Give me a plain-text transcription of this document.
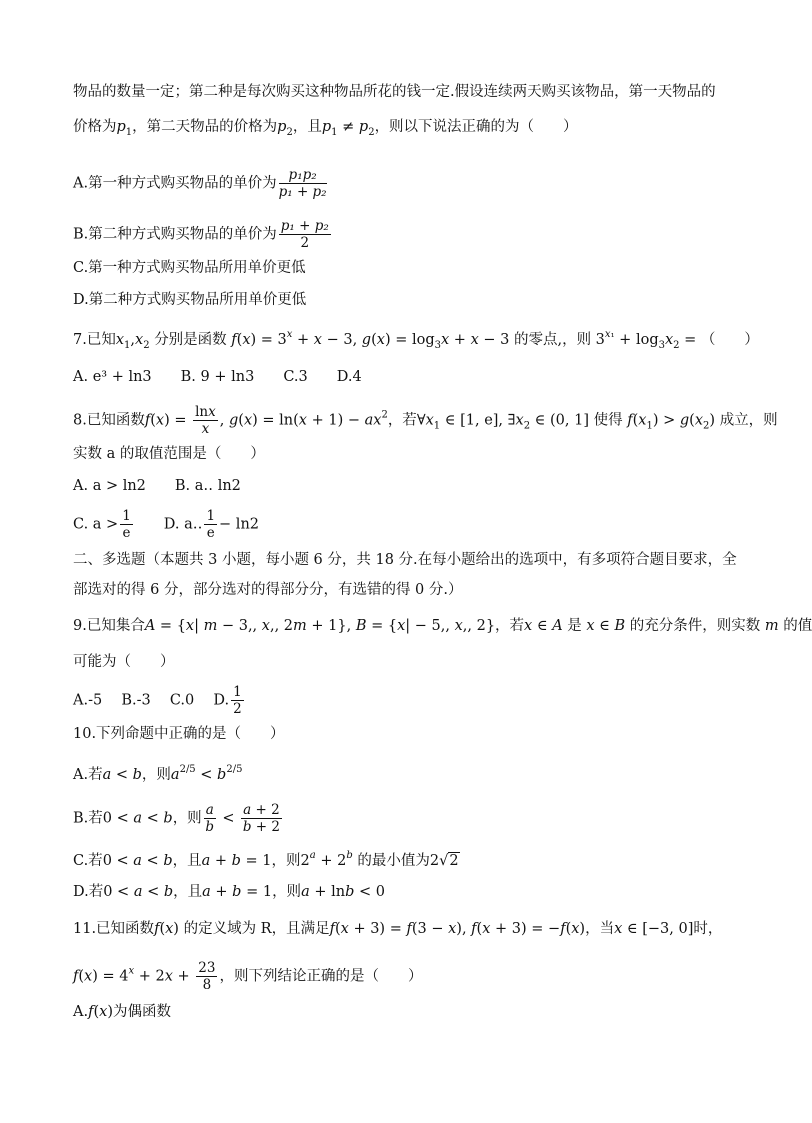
物品的数量一定；第二种是每次购买这种物品所花的钱一定.假设连续两天购买该物品，第一天物品的
价格为$p_1$，第二天物品的价格为$p_2$，且$p_1 \ne p_2$，则以下说法正确的为（　　）
A.第一种方式购买物品的单价为 $\frac{\text{p₁p₂}}{\text{p₁ + p₂}}$
B.第二种方式购买物品的单价为 $\frac{\text{p₁ + p₂}}{2}$
C.第一种方式购买物品所用单价更低
D.第二种方式购买物品所用单价更低
7.已知$x_1,x_2$ 分别是函数 $f(x) = 3^x + x - 3$, $g(x) = \log_3x + x - 3$ 的零点,，则 $3^{x_1} + \log_3x_2$ = （　　）
A. e³ + ln3　　B. 9 + ln3　　C.3　　D.4
8.已知函数$f(x) = \frac{\ln x}{x}$ , $g(x) = \ln(x + 1) - ax^2$，若$\forall x_1$ ∈ [1, e], $\exists x_2$ ∈ (0, 1] 使得 $f(x_1) > g(x_2)$ 成立，则
实数 a 的取值范围是（　　）
A. a > ln2　　 B. a‥ ln2
C. $a > \frac{1}{e}$
　　 D. a‥ $\frac{1}{e} - \ln 2$
二、多选题（本题共 3 小题，每小题 6 分，共 18 分.在每小题给出的选项中，有多项符合题目要求，全
部选对的得 6 分，部分选对的得部分分，有选错的得 0 分.）
9.已知集合A = {x| m − 3,, x,, 2m + 1}, B = {x| − 5,, x,, 2}，若x ∈ A 是 x ∈ B 的充分条件，则实数 m 的值
可能为（　　）
A.-5　 B.-3　 C.0　 D. $\frac{1}{2}$
10.下列命题中正确的是（　　）
A.若a < b，则$a^{2/5} < b^{2/5}$
B.若0 < a < b，则 $\frac{a}{b} < \frac{a + 2}{b + 2}$
C.若0 < a < b，且a + b = 1，则$2^a + 2^b$ 的最小值为2√2
D.若0 < a < b，且a + b = 1，则a + lnb < 0
11.已知函数f(x) 的定义域为 R，且满足f(x + 3) = f(3 − x), f(x + 3) = −f(x)，当x ∈ [−3, 0]时，
$f(x) = 4^x + 2x + \frac{23}{8}$ ，则下列结论正确的是（　　）
A.f(x)为偶函数
